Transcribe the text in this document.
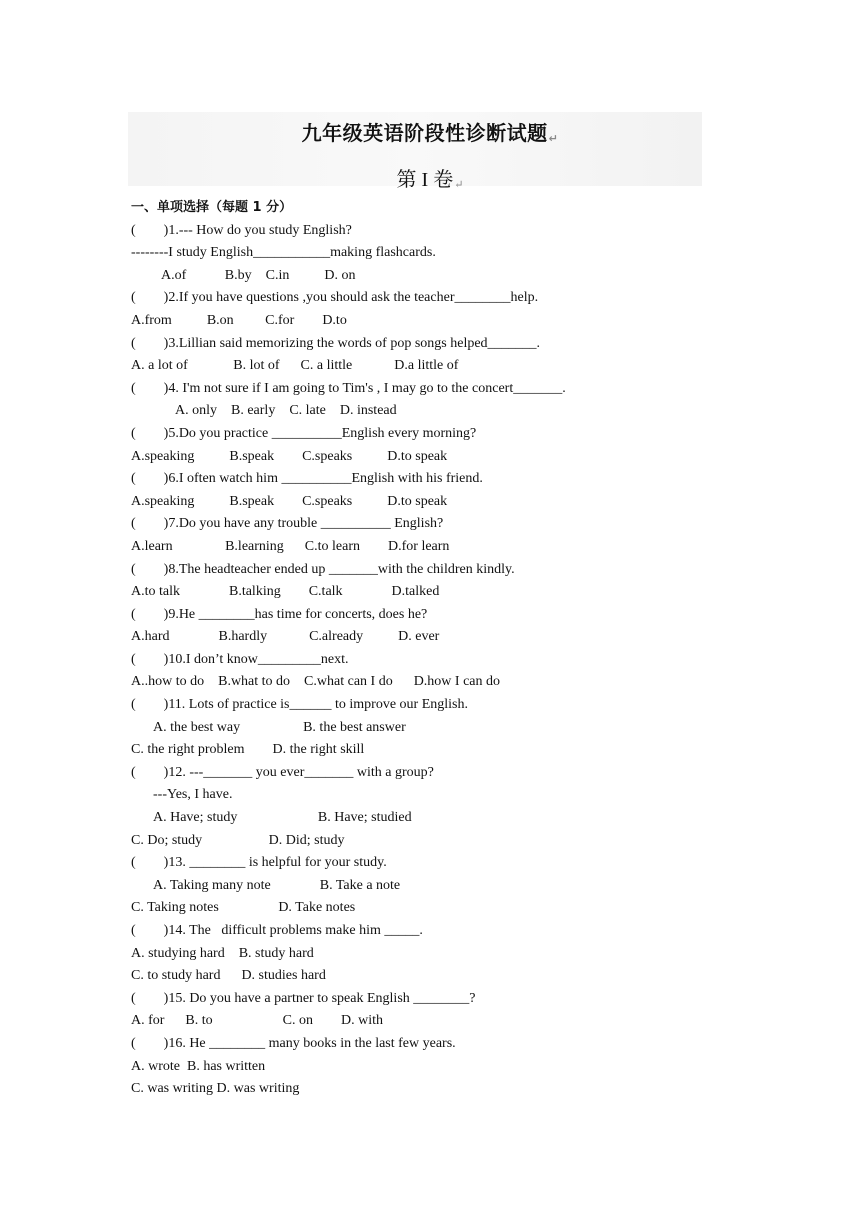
九年级英语阶段性诊断试题↵
第 I 卷↵
一、单项选择（每题 1 分）
(        )1.--- How do you study English?
--------I study English___________making flashcards.
A.of           B.by    C.in          D. on
(        )2.If you have questions ,you should ask the teacher________help.
A.from          B.on         C.for        D.to
(        )3.Lillian said memorizing the words of pop songs helped_______.
A. a lot of             B. lot of      C. a little            D.a little of
(        )4. I'm not sure if I am going to Tim's , I may go to the concert_______.
A. only    B. early    C. late    D. instead
(        )5.Do you practice __________English every morning?
A.speaking          B.speak        C.speaks          D.to speak
(        )6.I often watch him __________English with his friend.
A.speaking          B.speak        C.speaks          D.to speak
(        )7.Do you have any trouble __________ English?
A.learn               B.learning      C.to learn        D.for learn
(        )8.The headteacher ended up _______with the children kindly.
A.to talk              B.talking        C.talk              D.talked
(        )9.He ________has time for concerts, does he?
A.hard              B.hardly            C.already          D. ever
(        )10.I don’t know_________next.
A..how to do    B.what to do    C.what can I do      D.how I can do
(        )11. Lots of practice is______ to improve our English.
A. the best way                  B. the best answer
C. the right problem        D. the right skill
(        )12. ---_______ you ever_______ with a group?
---Yes, I have.
A. Have; study                       B. Have; studied
C. Do; study                   D. Did; study
(        )13. ________ is helpful for your study.
A. Taking many note              B. Take a note
C. Taking notes                 D. Take notes
(        )14. The   difficult problems make him _____.
A. studying hard    B. study hard
C. to study hard      D. studies hard
(        )15. Do you have a partner to speak English ________?
A. for      B. to                    C. on        D. with
(        )16. He ________ many books in the last few years.
A. wrote  B. has written
C. was writing D. was writing
